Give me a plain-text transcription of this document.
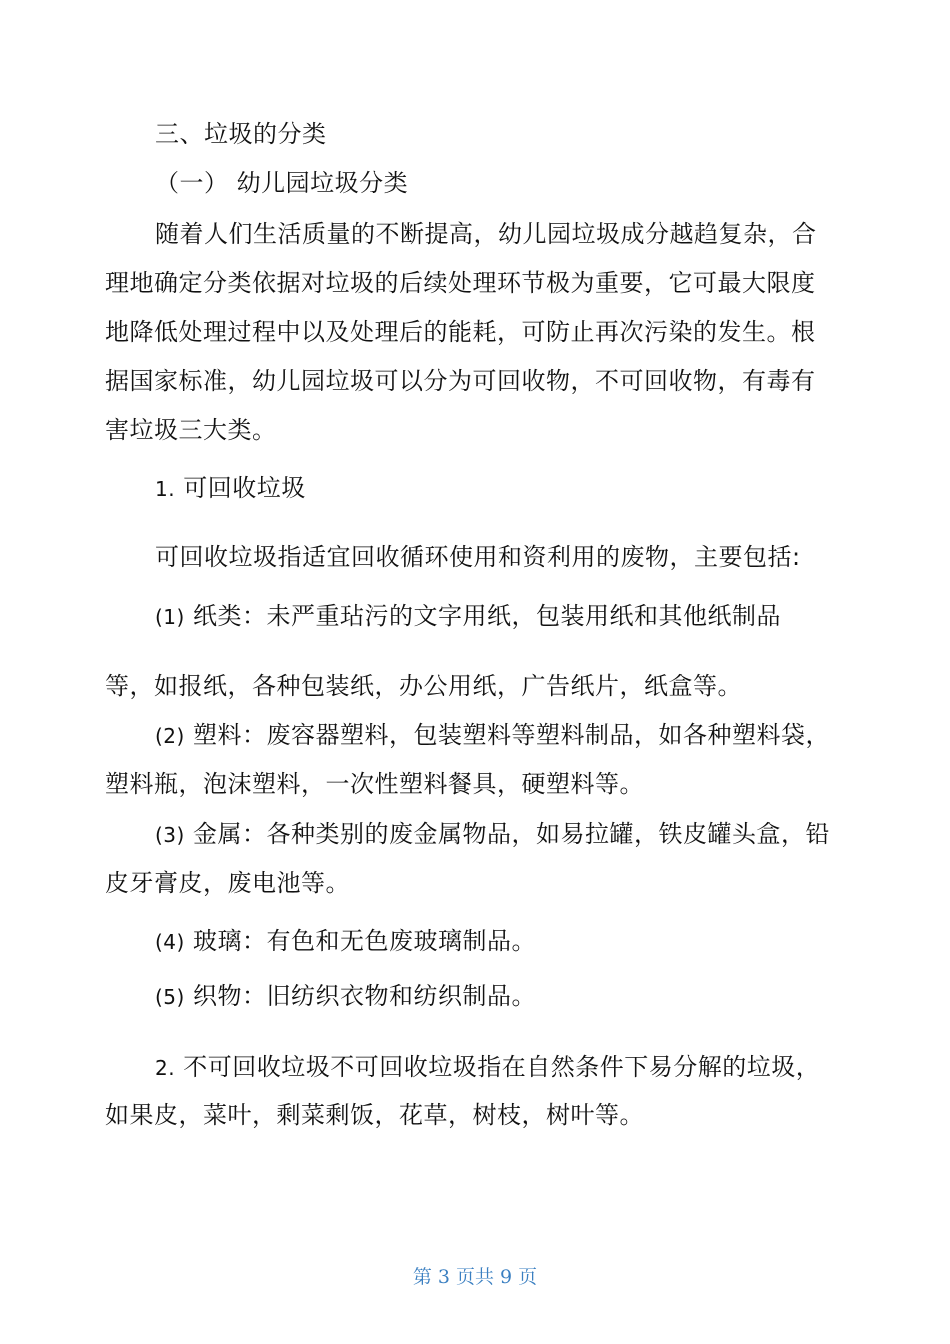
三、垃圾的分类
（一） 幼儿园垃圾分类
随着人们生活质量的不断提高，幼儿园垃圾成分越趋复杂，合
理地确定分类依据对垃圾的后续处理环节极为重要，它可最大限度
地降低处理过程中以及处理后的能耗，可防止再次污染的发生。根
据国家标准，幼儿园垃圾可以分为可回收物，不可回收物，有毒有
害垃圾三大类。
1. 可回收垃圾
可回收垃圾指适宜回收循环使用和资利用的废物，主要包括:
(1) 纸类：未严重玷污的文字用纸，包装用纸和其他纸制品
等，如报纸，各种包装纸，办公用纸，广告纸片，纸盒等。
(2) 塑料：废容器塑料，包装塑料等塑料制品，如各种塑料袋，
塑料瓶，泡沫塑料，一次性塑料餐具，硬塑料等。
(3) 金属：各种类别的废金属物品，如易拉罐，铁皮罐头盒，铅
皮牙膏皮，废电池等。
(4) 玻璃：有色和无色废玻璃制品。
(5) 织物：旧纺织衣物和纺织制品。
2. 不可回收垃圾不可回收垃圾指在自然条件下易分解的垃圾，
如果皮，菜叶，剩菜剩饭，花草，树枝，树叶等。
第 3 页共 9 页
